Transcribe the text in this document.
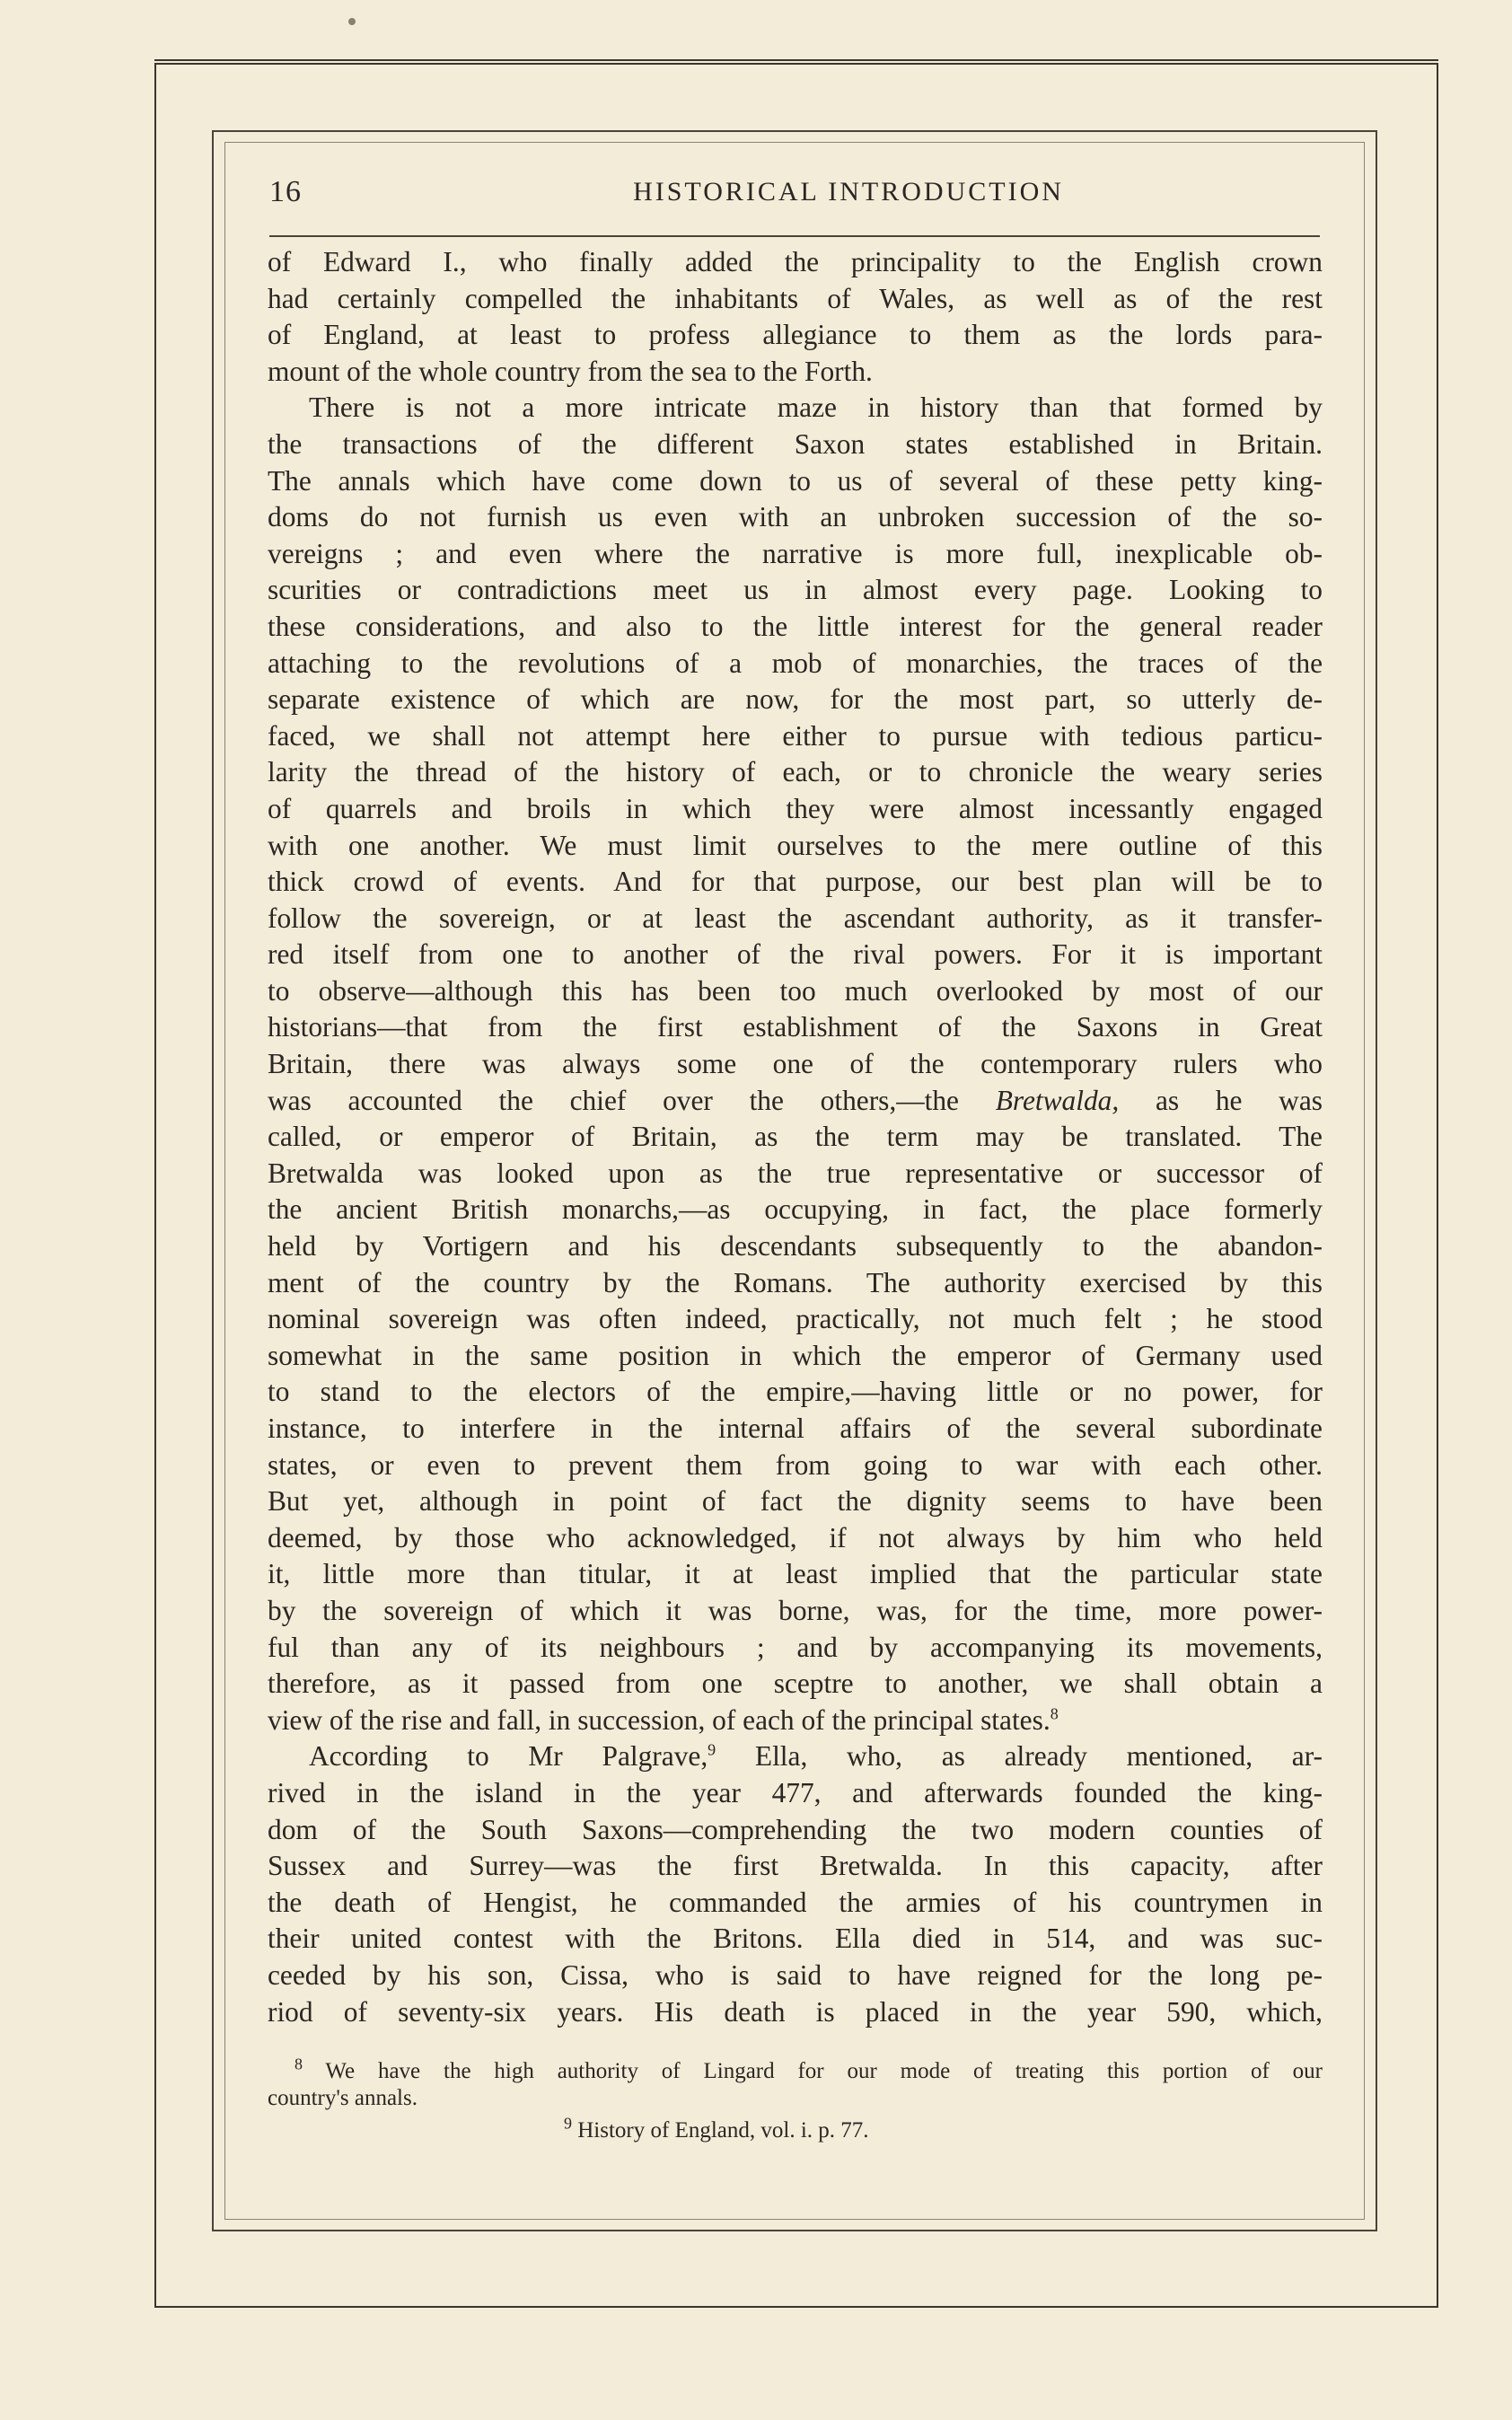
16	HISTORICAL INTRODUCTION
of Edward I., who finally added the principality to the English crown
had certainly compelled the inhabitants of Wales, as well as of the rest
of England, at least to profess allegiance to them as the lords para-
mount of the whole country from the sea to the Forth.
There is not a more intricate maze in history than that formed by
the transactions of the different Saxon states established in Britain.
The annals which have come down to us of several of these petty king-
doms do not furnish us even with an unbroken succession of the so-
vereigns ; and even where the narrative is more full, inexplicable ob-
scurities or contradictions meet us in almost every page. Looking to
these considerations, and also to the little interest for the general reader
attaching to the revolutions of a mob of monarchies, the traces of the
separate existence of which are now, for the most part, so utterly de-
faced, we shall not attempt here either to pursue with tedious particu-
larity the thread of the history of each, or to chronicle the weary series
of quarrels and broils in which they were almost incessantly engaged
with one another. We must limit ourselves to the mere outline of this
thick crowd of events. And for that purpose, our best plan will be to
follow the sovereign, or at least the ascendant authority, as it transfer-
red itself from one to another of the rival powers. For it is important
to observe—although this has been too much overlooked by most of our
historians—that from the first establishment of the Saxons in Great
Britain, there was always some one of the contemporary rulers who
was accounted the chief over the others,—the Bretwalda, as he was
called, or emperor of Britain, as the term may be translated. The
Bretwalda was looked upon as the true representative or successor of
the ancient British monarchs,—as occupying, in fact, the place formerly
held by Vortigern and his descendants subsequently to the abandon-
ment of the country by the Romans. The authority exercised by this
nominal sovereign was often indeed, practically, not much felt ; he stood
somewhat in the same position in which the emperor of Germany used
to stand to the electors of the empire,—having little or no power, for
instance, to interfere in the internal affairs of the several subordinate
states, or even to prevent them from going to war with each other.
But yet, although in point of fact the dignity seems to have been
deemed, by those who acknowledged, if not always by him who held
it, little more than titular, it at least implied that the particular state
by the sovereign of which it was borne, was, for the time, more power-
ful than any of its neighbours ; and by accompanying its movements,
therefore, as it passed from one sceptre to another, we shall obtain a
view of the rise and fall, in succession, of each of the principal states.$^8$
According to Mr Palgrave,$^9$ Ella, who, as already mentioned, ar-
rived in the island in the year 477, and afterwards founded the king-
dom of the South Saxons—comprehending the two modern counties of
Sussex and Surrey—was the first Bretwalda. In this capacity, after
the death of Hengist, he commanded the armies of his countrymen in
their united contest with the Britons. Ella died in 514, and was suc-
ceeded by his son, Cissa, who is said to have reigned for the long pe-
riod of seventy-six years. His death is placed in the year 590, which,
$^8$ We have the high authority of Lingard for our mode of treating this portion of our
country's annals.
$^9$ History of England, vol. i. p. 77.
